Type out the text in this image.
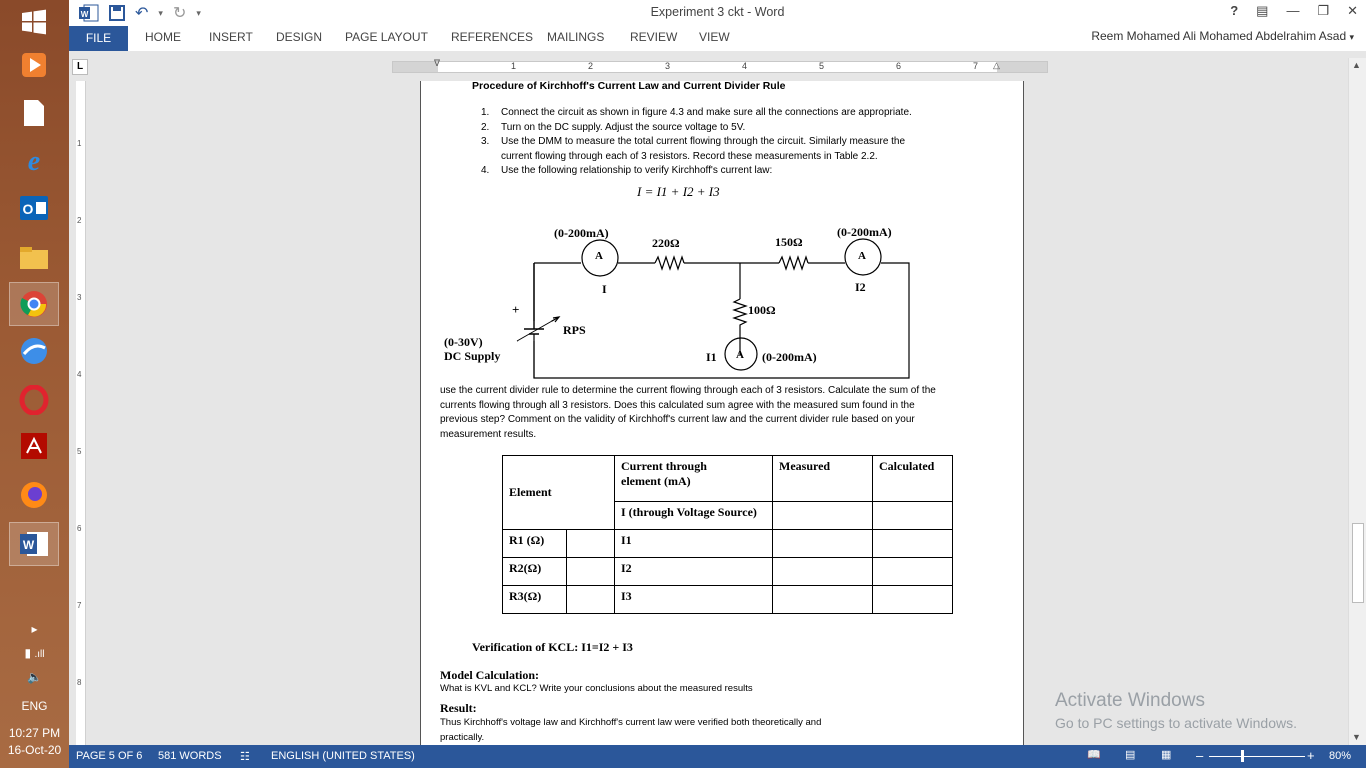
e
O
W
▸
▮ .ıll
🔈
ENG
10:27 PM
16-Oct-20
W	↶ ▾ ↻ ▾	Experiment 3 ckt - Word	? ▤ — ❐ ✕
FILE	HOME INSERT DESIGN PAGE LAYOUT REFERENCES MAILINGS REVIEW VIEW	Reem Mohamed Ali Mohamed Abdelrahim Asad ▾
L	1	2	3	4	5	6	7
∇	△
1
2
3
4
5
6
7
8
Procedure of Kirchhoff's Current Law and Current Divider Rule
1.	Connect the circuit as shown in figure 4.3 and make sure all the connections are appropriate.
2.	Turn on the DC supply. Adjust the source voltage to 5V.
3.	Use the DMM to measure the total current flowing through the circuit. Similarly measure the
current flowing through each of 3 resistors. Record these measurements in Table 2.2.
4.	Use the following relationship to verify Kirchhoff's current law:
I = I1 + I2 + I3
(0-200mA)
220Ω	150Ω
(0-200mA)
A	A
I	I2
100Ω
+
RPS
(0-30V)
DC Supply	I1 A (0-200mA)
use the current divider rule to determine the current flowing through each of 3 resistors. Calculate the sum of the
currents flowing through all 3 resistors. Does this calculated sum agree with the measured sum found in the
previous step? Comment on the validity of Kirchhoff's current law and the current divider rule based on your
measurement results.
Element		Current through
element (mA)	Measured	Calculated
		I (through Voltage Source)		
R1 (Ω)		I1		
R2(Ω)		I2		
R3(Ω)		I3		
Verification of KCL: I1=I2 + I3
Model Calculation:
What is KVL and KCL? Write your conclusions about the measured results
Result:
Thus Kirchhoff's voltage law and Kirchhoff's current law were verified both theoretically and
practically.
▲
▼
Activate Windows
Go to PC settings to activate Windows.
PAGE 5 OF 6 581 WORDS ☷ ENGLISH (UNITED STATES)	📖 ▤ ▦ –	+ 80%
